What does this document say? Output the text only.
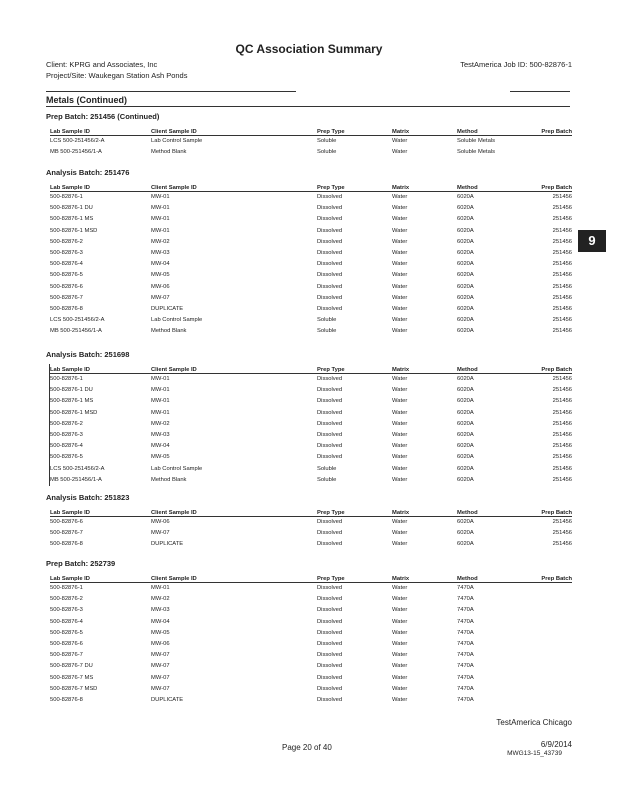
QC Association Summary
Client: KPRG and Associates, Inc
Project/Site: Waukegan Station Ash Ponds
TestAmerica Job ID: 500-82876-1
Metals (Continued)
9
Prep Batch: 251456 (Continued)
Lab Sample ID	Client Sample ID	Prep Type	Matrix	Method	Prep Batch
LCS 500-251456/2-A	Lab Control Sample	Soluble	Water	Soluble Metals	
MB 500-251456/1-A	Method Blank	Soluble	Water	Soluble Metals	
Analysis Batch: 251476
Lab Sample ID	Client Sample ID	Prep Type	Matrix	Method	Prep Batch
500-82876-1	MW-01	Dissolved	Water	6020A	251456
500-82876-1 DU	MW-01	Dissolved	Water	6020A	251456
500-82876-1 MS	MW-01	Dissolved	Water	6020A	251456
500-82876-1 MSD	MW-01	Dissolved	Water	6020A	251456
500-82876-2	MW-02	Dissolved	Water	6020A	251456
500-82876-3	MW-03	Dissolved	Water	6020A	251456
500-82876-4	MW-04	Dissolved	Water	6020A	251456
500-82876-5	MW-05	Dissolved	Water	6020A	251456
500-82876-6	MW-06	Dissolved	Water	6020A	251456
500-82876-7	MW-07	Dissolved	Water	6020A	251456
500-82876-8	DUPLICATE	Dissolved	Water	6020A	251456
LCS 500-251456/2-A	Lab Control Sample	Soluble	Water	6020A	251456
MB 500-251456/1-A	Method Blank	Soluble	Water	6020A	251456
Analysis Batch: 251698
Lab Sample ID	Client Sample ID	Prep Type	Matrix	Method	Prep Batch
500-82876-1	MW-01	Dissolved	Water	6020A	251456
500-82876-1 DU	MW-01	Dissolved	Water	6020A	251456
500-82876-1 MS	MW-01	Dissolved	Water	6020A	251456
500-82876-1 MSD	MW-01	Dissolved	Water	6020A	251456
500-82876-2	MW-02	Dissolved	Water	6020A	251456
500-82876-3	MW-03	Dissolved	Water	6020A	251456
500-82876-4	MW-04	Dissolved	Water	6020A	251456
500-82876-5	MW-05	Dissolved	Water	6020A	251456
LCS 500-251456/2-A	Lab Control Sample	Soluble	Water	6020A	251456
MB 500-251456/1-A	Method Blank	Soluble	Water	6020A	251456
Analysis Batch: 251823
Lab Sample ID	Client Sample ID	Prep Type	Matrix	Method	Prep Batch
500-82876-6	MW-06	Dissolved	Water	6020A	251456
500-82876-7	MW-07	Dissolved	Water	6020A	251456
500-82876-8	DUPLICATE	Dissolved	Water	6020A	251456
Prep Batch: 252739
Lab Sample ID	Client Sample ID	Prep Type	Matrix	Method	Prep Batch
500-82876-1	MW-01	Dissolved	Water	7470A	
500-82876-2	MW-02	Dissolved	Water	7470A	
500-82876-3	MW-03	Dissolved	Water	7470A	
500-82876-4	MW-04	Dissolved	Water	7470A	
500-82876-5	MW-05	Dissolved	Water	7470A	
500-82876-6	MW-06	Dissolved	Water	7470A	
500-82876-7	MW-07	Dissolved	Water	7470A	
500-82876-7 DU	MW-07	Dissolved	Water	7470A	
500-82876-7 MS	MW-07	Dissolved	Water	7470A	
500-82876-7 MSD	MW-07	Dissolved	Water	7470A	
500-82876-8	DUPLICATE	Dissolved	Water	7470A	
TestAmerica Chicago
Page 20 of 40	6/9/2014
MWG13-15_43739
